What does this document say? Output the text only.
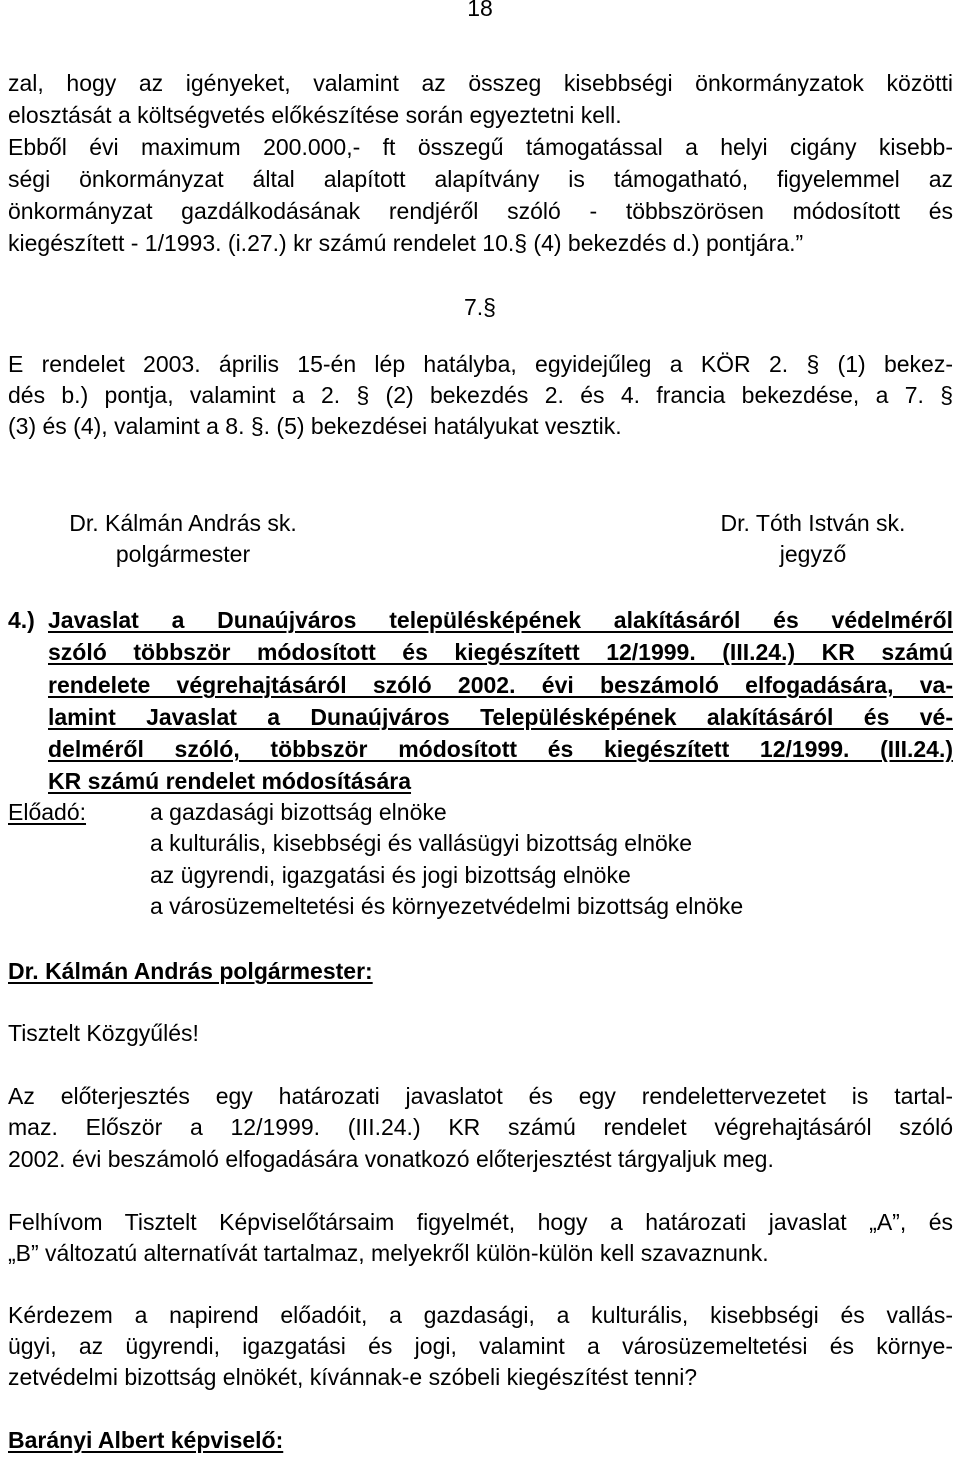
18
zal, hogy az igényeket, valamint az összeg kisebbségi önkormányzatok közötti
elosztását a költségvetés előkészítése során egyeztetni kell.
Ebből évi maximum 200.000,- ft összegű támogatással a helyi cigány kisebb-
ségi önkormányzat által alapított alapítvány is támogatható, figyelemmel az
önkormányzat gazdálkodásának rendjéről szóló - többszörösen módosított és
kiegészített - 1/1993. (i.27.) kr számú rendelet 10.§ (4) bekezdés d.) pontjára.”
7.§
E rendelet 2003. április 15-én lép hatályba, egyidejűleg a KÖR 2. § (1) bekez-
dés b.) pontja, valamint a 2. § (2) bekezdés 2. és 4. francia bekezdése, a 7. §
(3) és (4), valamint a 8. §. (5) bekezdései hatályukat vesztik.
Dr. Kálmán András sk.
polgármester
Dr. Tóth István sk.
jegyző
4.) Javaslat a Dunaújváros településképének alakításáról és védelméről
szóló többször módosított és kiegészített 12/1999. (III.24.) KR számú
rendelete végrehajtásáról szóló 2002. évi beszámoló elfogadására, va-
lamint Javaslat a Dunaújváros Településképének alakításáról és vé-
delméről szóló, többször módosított és kiegészített 12/1999. (III.24.)
KR számú rendelet módosítására
Előadó:	a gazdasági bizottság elnöke
a kulturális, kisebbségi és vallásügyi bizottság elnöke
az ügyrendi, igazgatási és jogi bizottság elnöke
a városüzemeltetési és környezetvédelmi bizottság elnöke
Dr. Kálmán András polgármester:
Tisztelt Közgyűlés!
Az előterjesztés egy határozati javaslatot és egy rendelettervezetet is tartal-
maz. Először a 12/1999. (III.24.) KR számú rendelet végrehajtásáról szóló
2002. évi beszámoló elfogadására vonatkozó előterjesztést tárgyaljuk meg.
Felhívom Tisztelt Képviselőtársaim figyelmét, hogy a határozati javaslat „A”, és
„B” változatú alternatívát tartalmaz, melyekről külön-külön kell szavaznunk.
Kérdezem a napirend előadóit, a gazdasági, a kulturális, kisebbségi és vallás-
ügyi, az ügyrendi, igazgatási és jogi, valamint a városüzemeltetési és környe-
zetvédelmi bizottság elnökét, kívánnak-e szóbeli kiegészítést tenni?
Barányi Albert képviselő:
